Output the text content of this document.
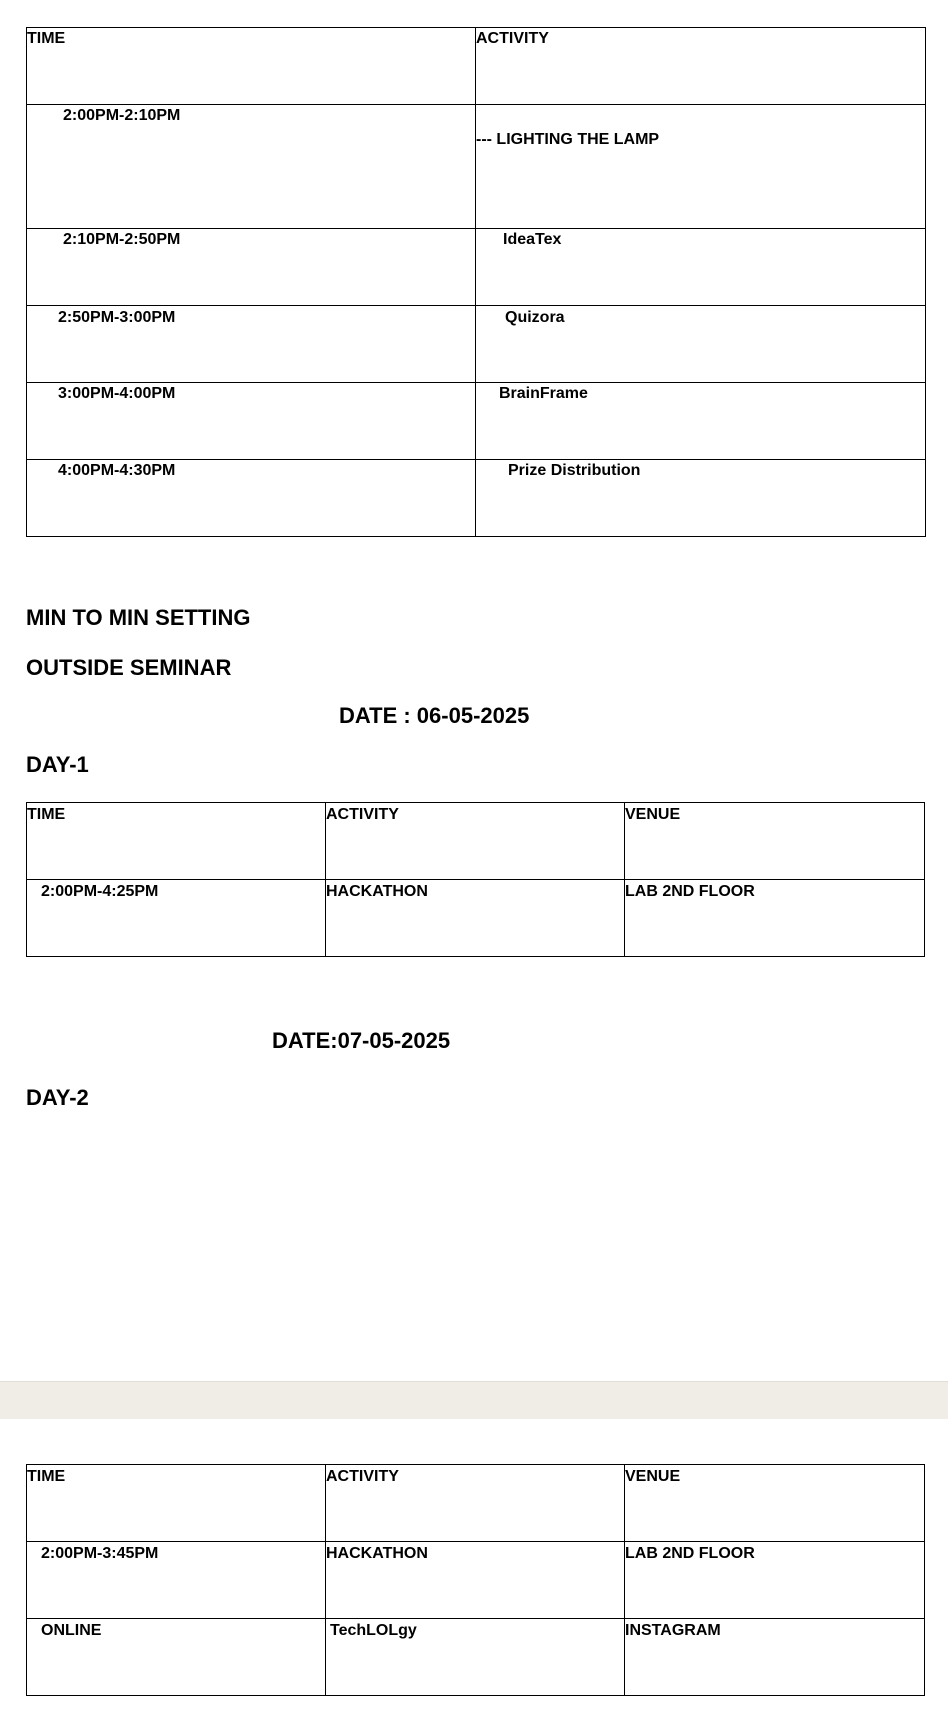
TIME	ACTIVITY
2:00PM-2:10PM	--- LIGHTING THE LAMP
2:10PM-2:50PM	IdeaTex
2:50PM-3:00PM	Quizora
3:00PM-4:00PM	BrainFrame
4:00PM-4:30PM	Prize Distribution
MIN TO MIN SETTING
OUTSIDE SEMINAR
DATE : 06-05-2025
DAY-1
TIME	ACTIVITY	VENUE
2:00PM-4:25PM	HACKATHON	LAB 2ND FLOOR
DATE:07-05-2025
DAY-2
TIME	ACTIVITY	VENUE
2:00PM-3:45PM	HACKATHON	LAB 2ND FLOOR
ONLINE	TechLOLgy	INSTAGRAM
